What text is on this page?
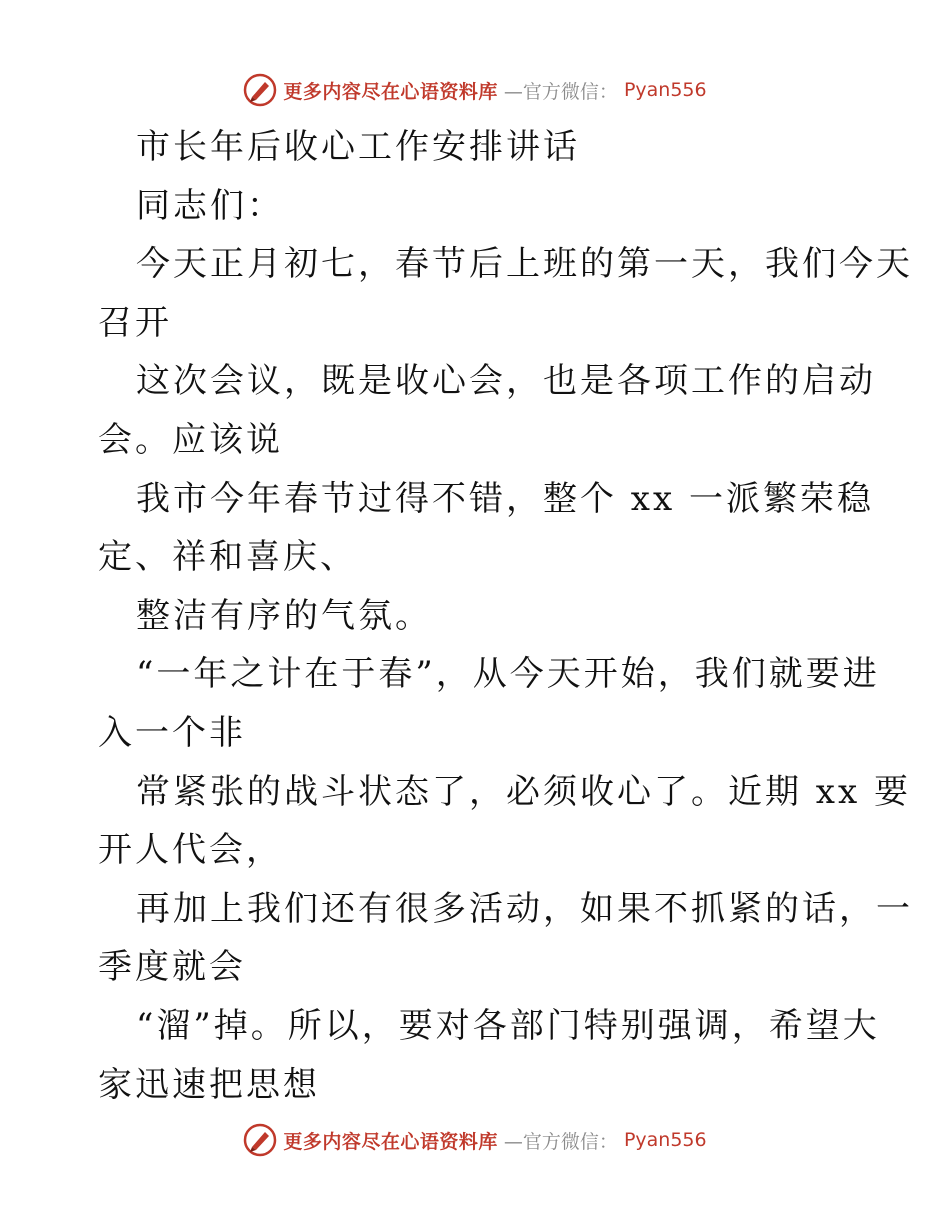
更多内容尽在心语资料库 —官方微信： Pyan556
市长年后收心工作安排讲话
同志们：
今天正月初七，春节后上班的第一天，我们今天
召开
这次会议，既是收心会，也是各项工作的启动
会。应该说
我市今年春节过得不错，整个 xx 一派繁荣稳
定、祥和喜庆、
整洁有序的气氛。
“一年之计在于春”，从今天开始，我们就要进
入一个非
常紧张的战斗状态了，必须收心了。近期 xx 要
开人代会，
再加上我们还有很多活动，如果不抓紧的话，一
季度就会
“溜”掉。所以，要对各部门特别强调，希望大
家迅速把思想
更多内容尽在心语资料库 —官方微信： Pyan556
